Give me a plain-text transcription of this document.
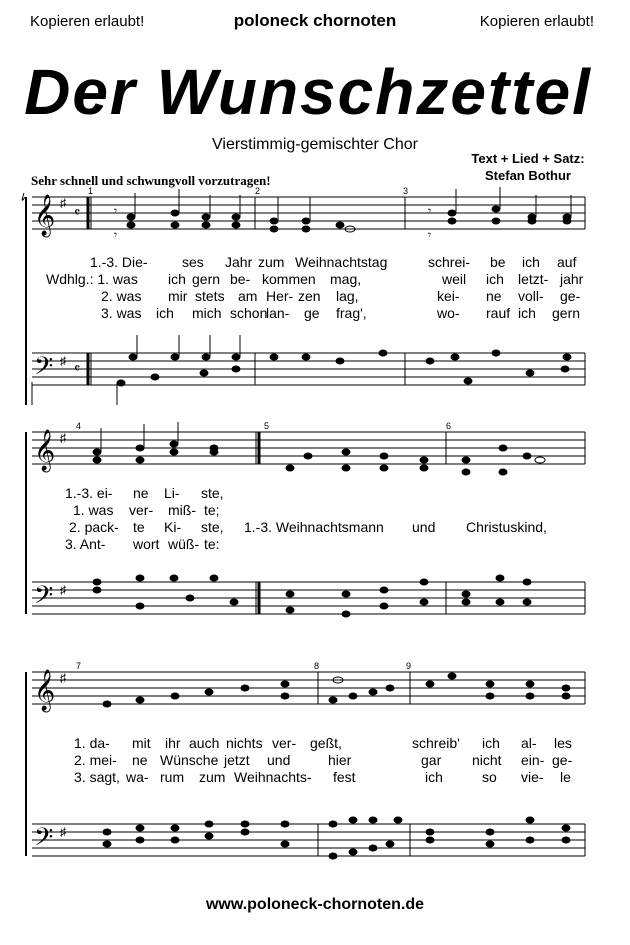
Kopieren erlaubt!	poloneck chornoten	Kopieren erlaubt!
Der Wunschzettel
Vierstimmig-gemischter Chor
Text + Lied + Satz:
Stefan Bothur
Sehr schnell und schwungvoll vorzutragen!
𝄞
𝄢
♯
♯
𝄴
𝄴
1	2	3
𝄾
𝄾
𝄾
𝄾
1.-3. Die- ses Jahr zum Weihnachtstag	schrei- be ich auf
Wdhlg.: 1. was ich gern be- kommen mag,	weil ich letzt- jahr
2. was mir stets am Her- zen lag,	kei- ne voll- ge-
3. was ich mich schon
lan- ge frag',	wo- rauf ich gern
𝄞
𝄢
♯
♯
4	5	6
1.-3. ei- ne Li- ste,
1. was ver- miß- te;
2. pack- te Ki- ste, 1.-3. Weihnachtsmann und Christuskind,
3. Ant- wort wüß- te:
𝄞
𝄢
♯
♯
7	8	9
1. da- mit ihr auch nichts ver- geßt,	schreib' ich al- les
2. mei- ne Wünsche jetzt und	hier	gar nicht ein- ge-
3. sagt, wa- rum zum Weihnachts- fest	ich	so vie- le
www.poloneck-chornoten.de
